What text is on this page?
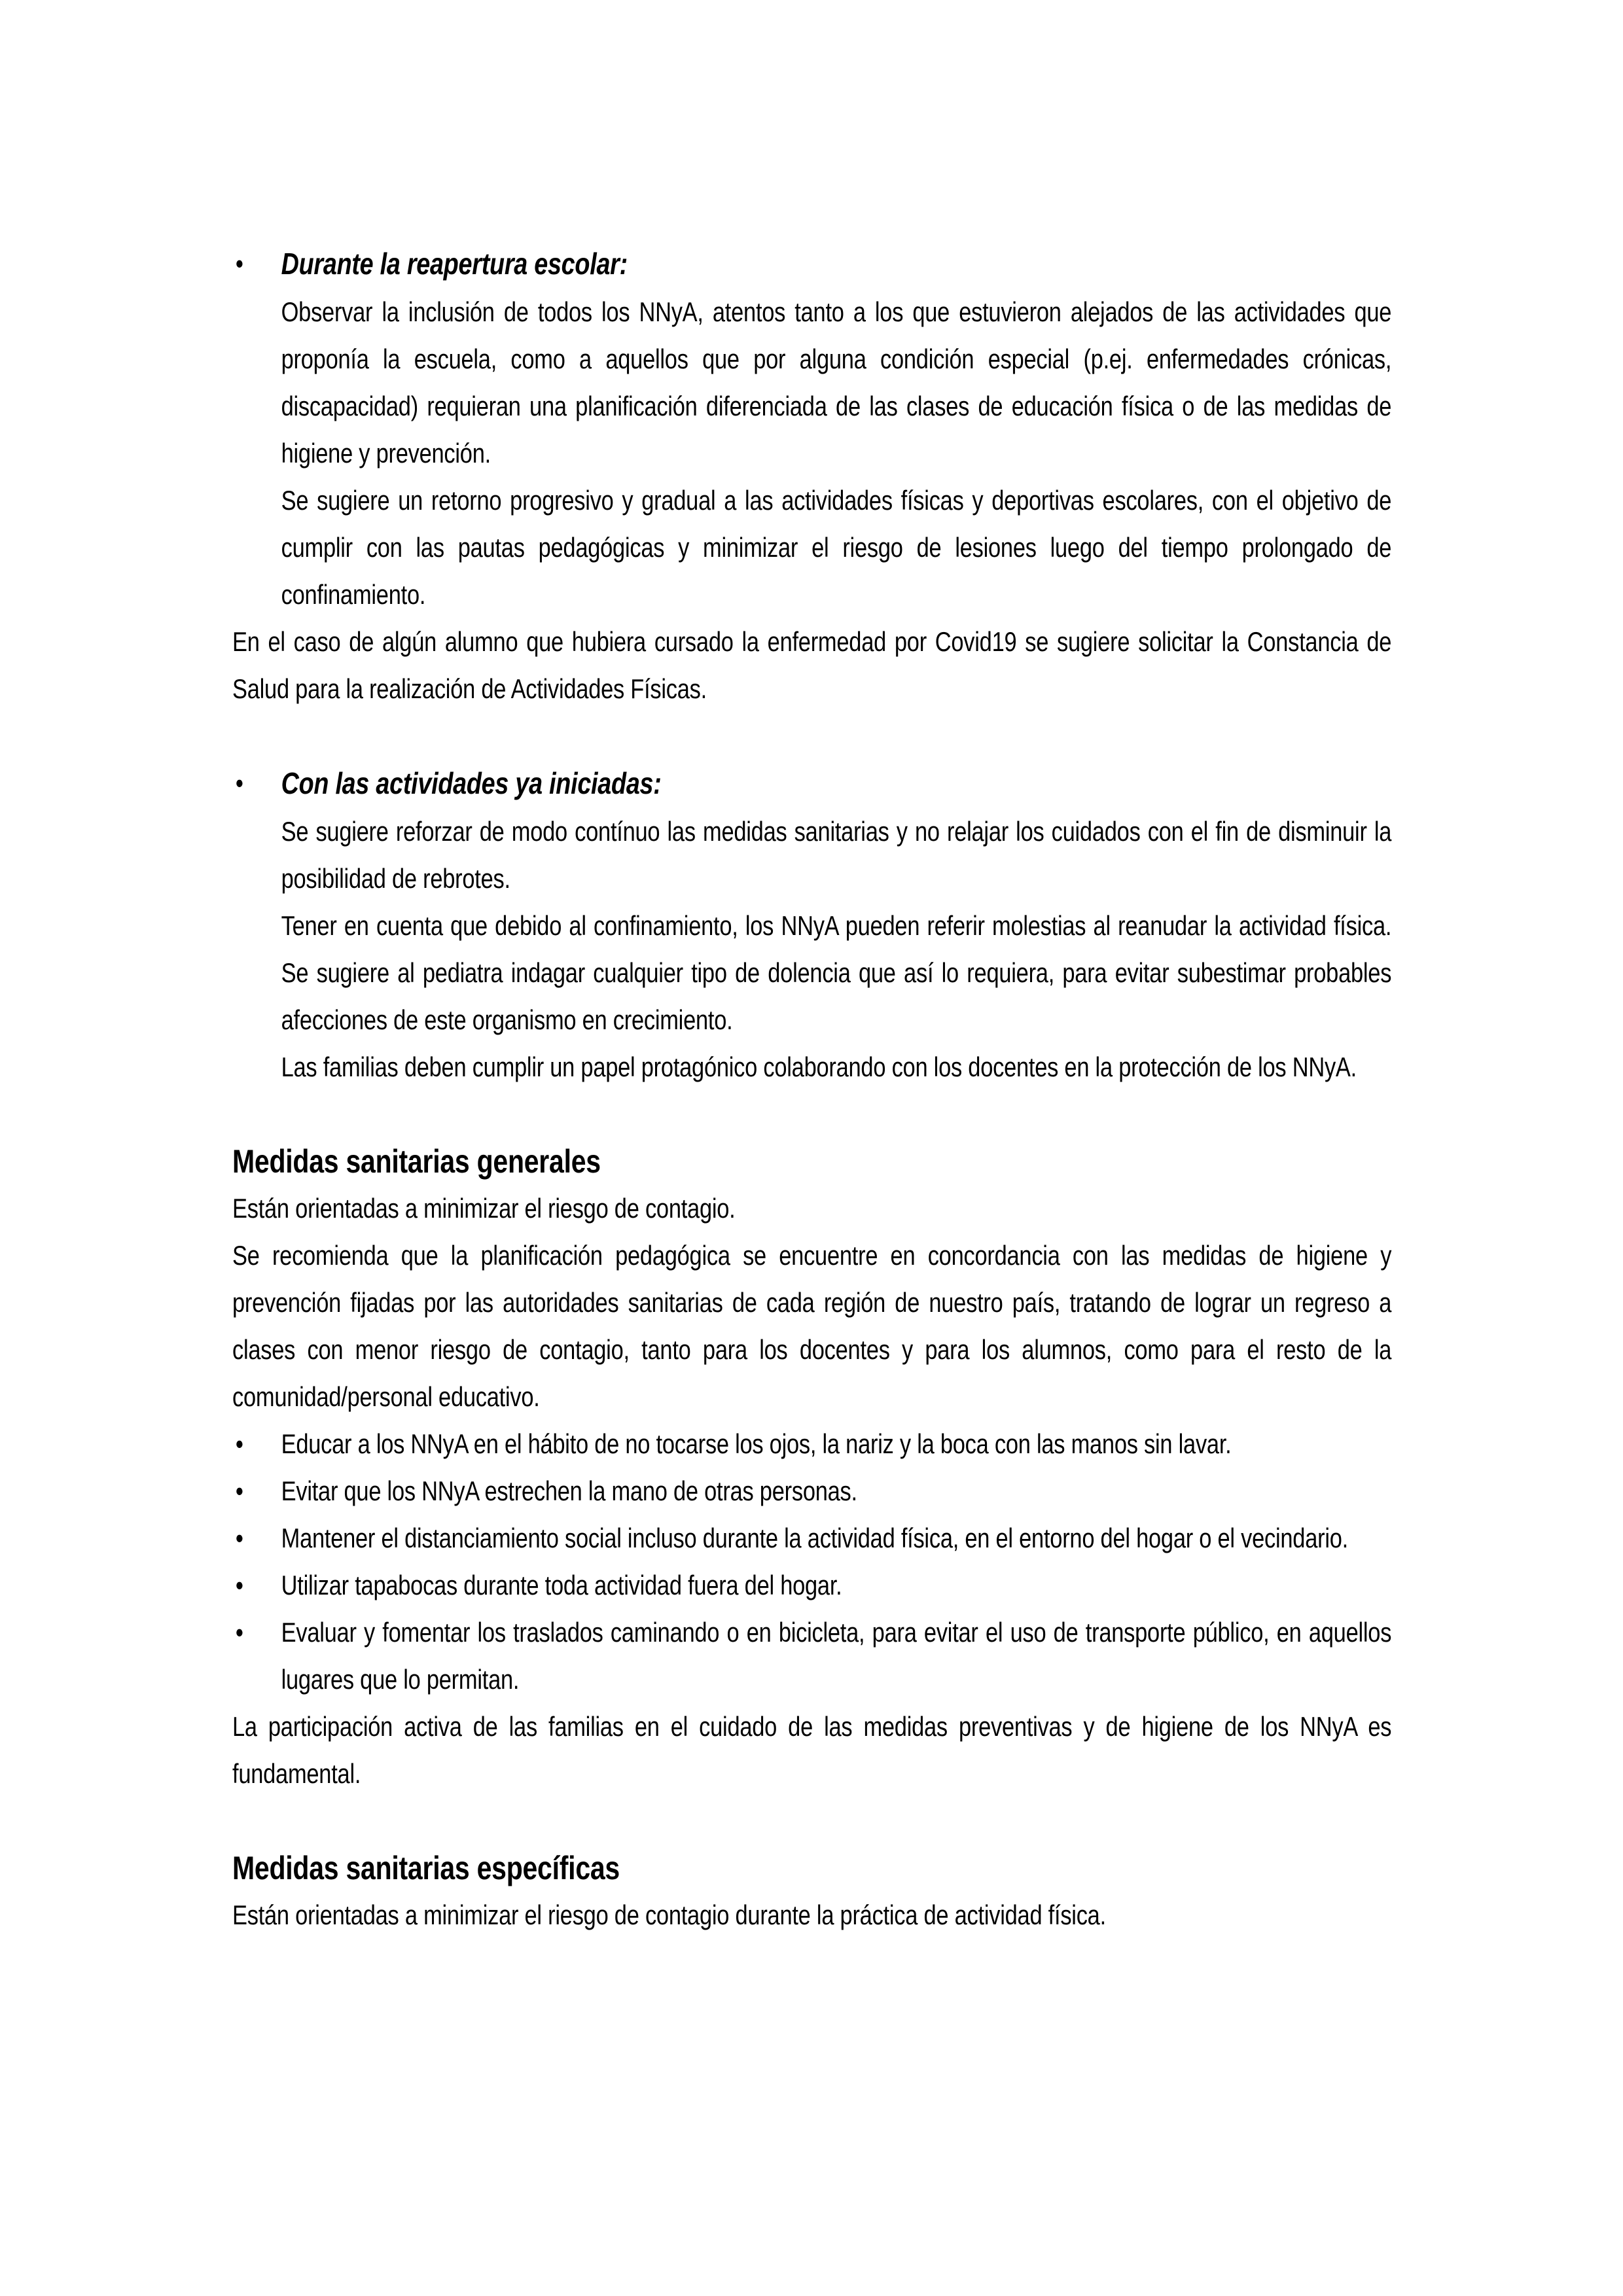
• Durante la reapertura escolar:

Observar la inclusión de todos los NNyA, atentos tanto a los que estuvieron alejados de las actividades que proponía la escuela, como a aquellos que por alguna condición especial (p.ej. enfermedades crónicas, discapacidad) requieran una planificación diferenciada de las clases de educación física o de las medidas de higiene y prevención.

Se sugiere un retorno progresivo y gradual a las actividades físicas y deportivas escolares, con el objetivo de cumplir con las pautas pedagógicas y minimizar el riesgo de lesiones luego del tiempo prolongado de confinamiento.

En el caso de algún alumno que hubiera cursado la enfermedad por Covid19 se sugiere solicitar la Constancia de Salud para la realización de Actividades Físicas.

• Con las actividades ya iniciadas:

Se sugiere reforzar de modo contínuo las medidas sanitarias y no relajar los cuidados con el fin de disminuir la posibilidad de rebrotes.

Tener en cuenta que debido al confinamiento, los NNyA pueden referir molestias al reanudar la actividad física. Se sugiere al pediatra indagar cualquier tipo de dolencia que así lo requiera, para evitar subestimar probables afecciones de este organismo en crecimiento.

Las familias deben cumplir un papel protagónico colaborando con los docentes en la protección de los NNyA.

Medidas sanitarias generales

Están orientadas a minimizar el riesgo de contagio.

Se recomienda que la planificación pedagógica se encuentre en concordancia con las medidas de higiene y prevención fijadas por las autoridades sanitarias de cada región de nuestro país, tratando de lograr un regreso a clases con menor riesgo de contagio, tanto para los docentes y para los alumnos, como para el resto de la comunidad/personal educativo.

• Educar a los NNyA en el hábito de no tocarse los ojos, la nariz y la boca con las manos sin lavar.
• Evitar que los NNyA estrechen la mano de otras personas.
• Mantener el distanciamiento social incluso durante la actividad física, en el entorno del hogar o el vecindario.
• Utilizar tapabocas durante toda actividad fuera del hogar.
• Evaluar y fomentar los traslados caminando o en bicicleta, para evitar el uso de transporte público, en aquellos lugares que lo permitan.

La participación activa de las familias en el cuidado de las medidas preventivas y de higiene de los NNyA es fundamental.

Medidas sanitarias específicas

Están orientadas a minimizar el riesgo de contagio durante la práctica de actividad física.
